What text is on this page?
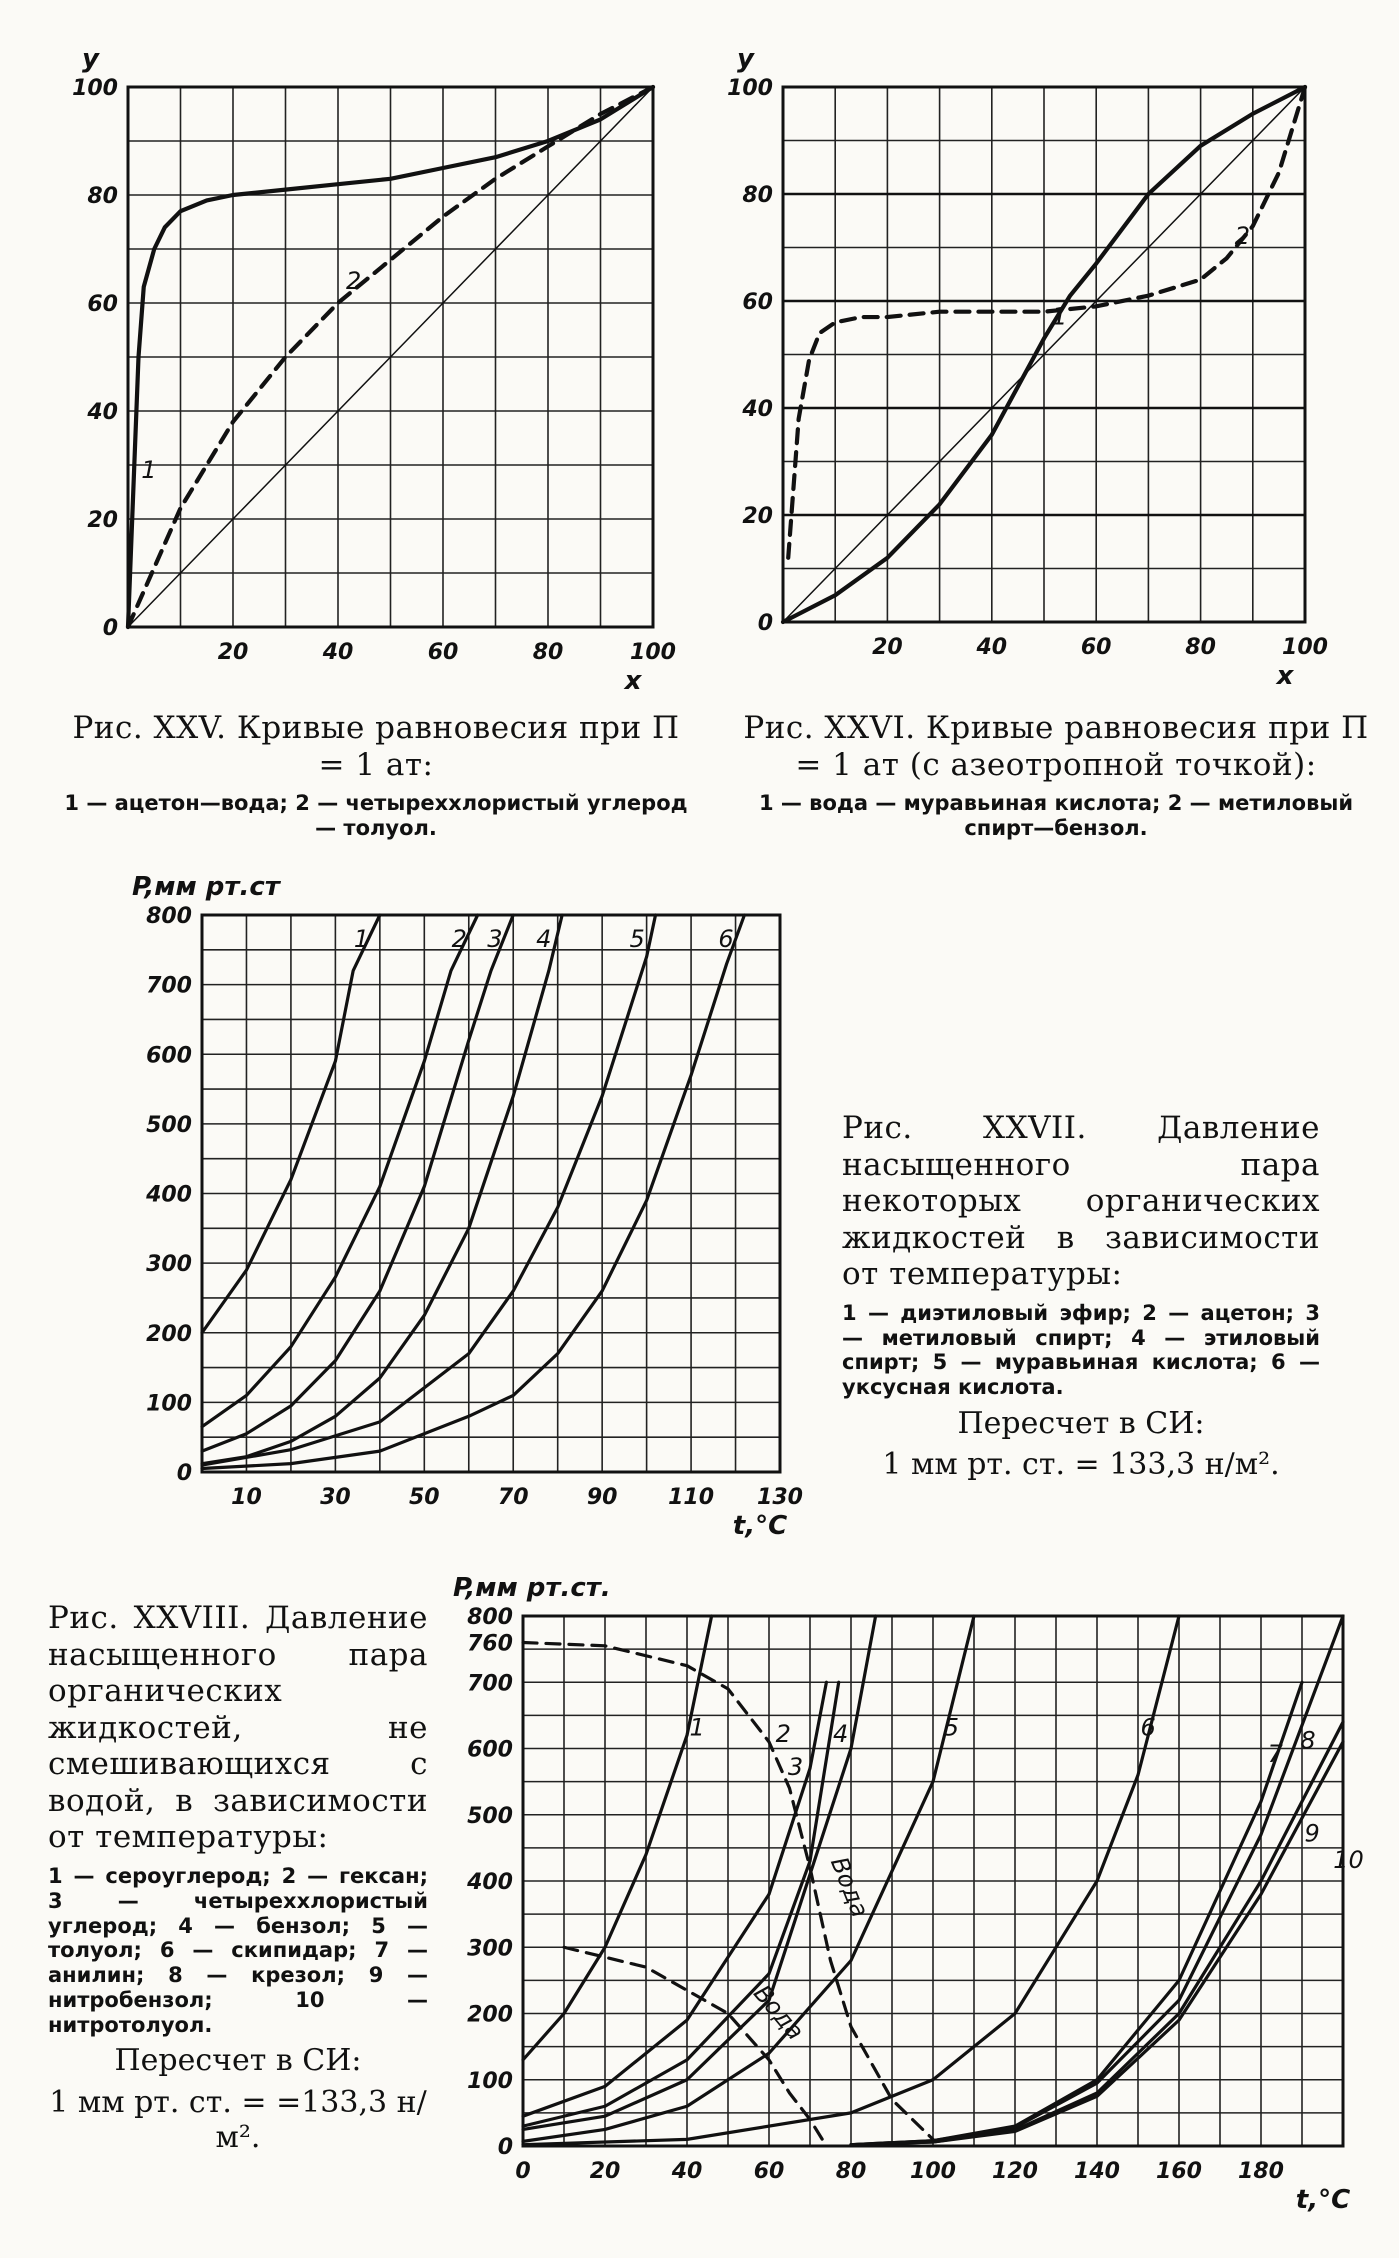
0
20
40
60
80
100
20	40	60	80	100
x
y
1
2
0
20
40
60
80
100
20	40	60	80	100
x
y
1
2
0
100
200
300
400
500
600
700
800
10	30	50	70	90 110 130
t,°C
P,мм рт.ст
1	2 3 4	5	6
0
100
200
300
400
500
600
700
760
800
0	20 40 60 80 100 120 140 160 180
t,°C
P,мм рт.ст.
1	2
3
4	5	6
7 8
9
10
Вода
Вода
Рис. XXV. Кривые равновесия при П = 1 ат:
1 — ацетон—вода; 2 — четыреххлористый углерод — толуол.
Рис. XXVI. Кривые равновесия при П = 1 ат (с азеотропной точкой):
1 — вода — муравьиная кислота; 2 — метиловый спирт—бензол.
Рис. XXVII. Давление насыщенного пара некоторых органических жидкостей в зависимости от температуры:
1 — диэтиловый эфир; 2 — ацетон; 3 — метиловый спирт; 4 — этиловый спирт; 5 — муравьиная кислота; 6 — уксусная кислота.
Пересчет в СИ:
1 мм рт. ст. = 133,3 н/м².
Рис. XXVIII. Давление насыщенного пара органических жидкостей, не смешивающихся с водой, в зависимости от температуры:
1 — сероуглерод; 2 — гексан; 3 — четыреххлористый углерод; 4 — бензол; 5 — толуол; 6 — скипидар; 7 — анилин; 8 — крезол; 9 — нитробензол; 10 — нитротолуол.
Пересчет в СИ:
1 мм рт. ст. = =133,3 н/м².
